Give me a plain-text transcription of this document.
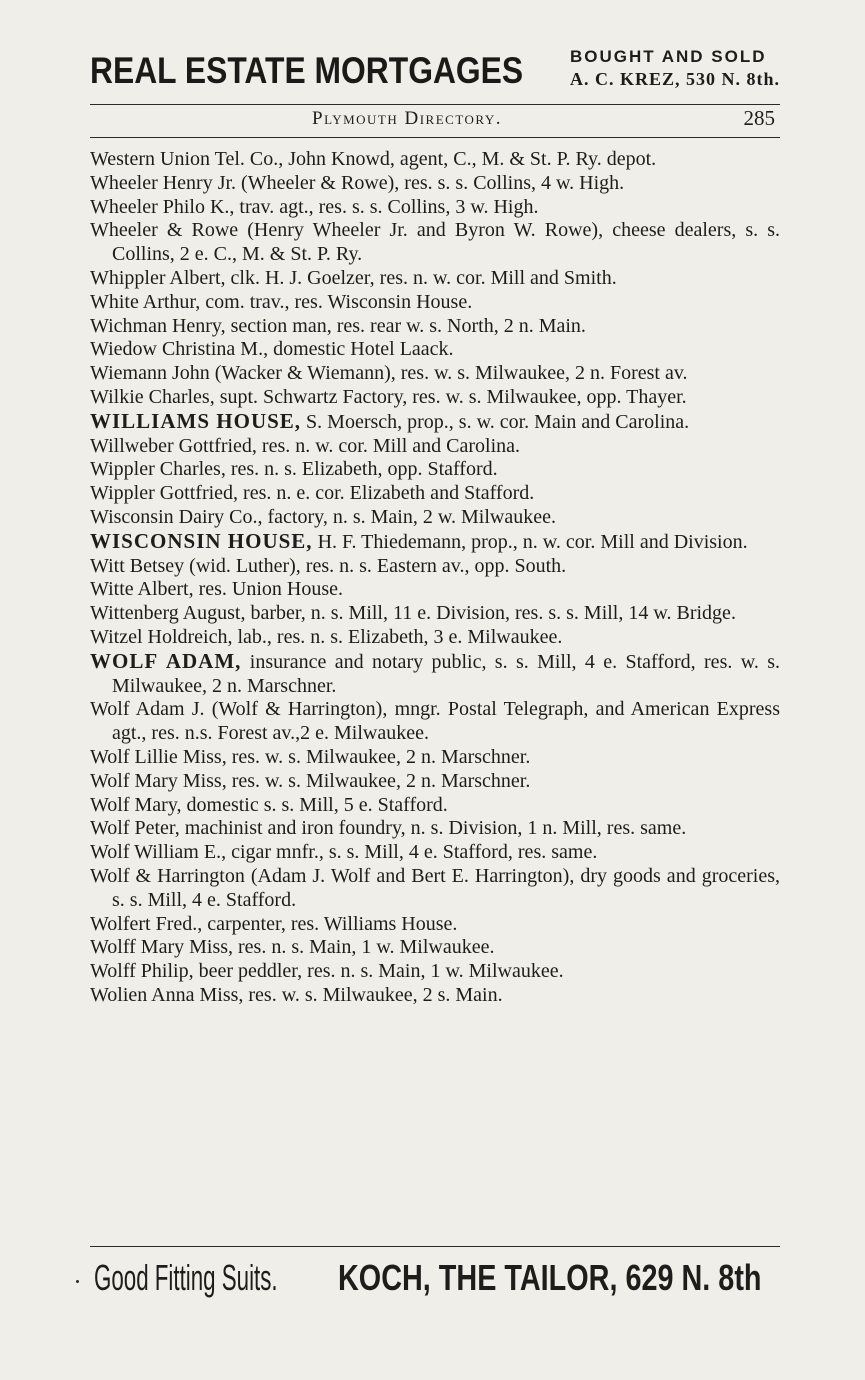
REAL ESTATE MORTGAGES	BOUGHT AND SOLD
A. C. KREZ, 530 N. 8th.
Plymouth Directory.	285
Western Union Tel. Co., John Knowd, agent, C., M. & St. P. Ry. depot.
Wheeler Henry Jr. (Wheeler & Rowe), res. s. s. Collins, 4 w. High.
Wheeler Philo K., trav. agt., res. s. s. Collins, 3 w. High.
Wheeler & Rowe (Henry Wheeler Jr. and Byron W. Rowe), cheese dealers, s. s. Collins, 2 e. C., M. & St. P. Ry.
Whippler Albert, clk. H. J. Goelzer, res. n. w. cor. Mill and Smith.
White Arthur, com. trav., res. Wisconsin House.
Wichman Henry, section man, res. rear w. s. North, 2 n. Main.
Wiedow Christina M., domestic Hotel Laack.
Wiemann John (Wacker & Wiemann), res. w. s. Milwaukee, 2 n. Forest av.
Wilkie Charles, supt. Schwartz Factory, res. w. s. Milwaukee, opp. Thayer.
WILLIAMS HOUSE, S. Moersch, prop., s. w. cor. Main and Carolina.
Willweber Gottfried, res. n. w. cor. Mill and Carolina.
Wippler Charles, res. n. s. Elizabeth, opp. Stafford.
Wippler Gottfried, res. n. e. cor. Elizabeth and Stafford.
Wisconsin Dairy Co., factory, n. s. Main, 2 w. Milwaukee.
WISCONSIN HOUSE, H. F. Thiedemann, prop., n. w. cor. Mill and Division.
Witt Betsey (wid. Luther), res. n. s. Eastern av., opp. South.
Witte Albert, res. Union House.
Wittenberg August, barber, n. s. Mill, 11 e. Division, res. s. s. Mill, 14 w. Bridge.
Witzel Holdreich, lab., res. n. s. Elizabeth, 3 e. Milwaukee.
WOLF ADAM, insurance and notary public, s. s. Mill, 4 e. Stafford, res. w. s. Milwaukee, 2 n. Marschner.
Wolf Adam J. (Wolf & Harrington), mngr. Postal Telegraph, and American Express agt., res. n.s. Forest av.,2 e. Milwaukee.
Wolf Lillie Miss, res. w. s. Milwaukee, 2 n. Marschner.
Wolf Mary Miss, res. w. s. Milwaukee, 2 n. Marschner.
Wolf Mary, domestic s. s. Mill, 5 e. Stafford.
Wolf Peter, machinist and iron foundry, n. s. Division, 1 n. Mill, res. same.
Wolf William E., cigar mnfr., s. s. Mill, 4 e. Stafford, res. same.
Wolf & Harrington (Adam J. Wolf and Bert E. Harrington), dry goods and groceries, s. s. Mill, 4 e. Stafford.
Wolfert Fred., carpenter, res. Williams House.
Wolff Mary Miss, res. n. s. Main, 1 w. Milwaukee.
Wolff Philip, beer peddler, res. n. s. Main, 1 w. Milwaukee.
Wolien Anna Miss, res. w. s. Milwaukee, 2 s. Main.
Good Fitting Suits. KOCH, THE TAILOR, 629 N. 8th
